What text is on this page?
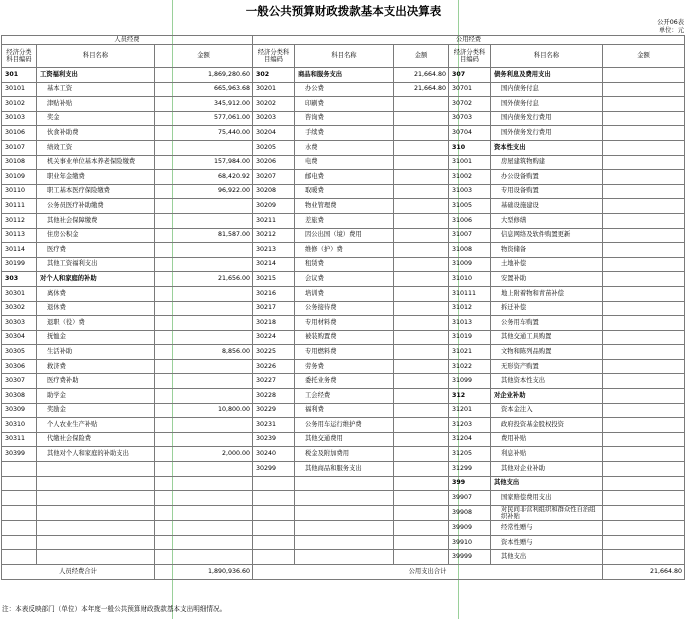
一般公共预算财政拨款基本支出决算表
公开06表
单位：元
人员经费			公用经费					
经济分类科目编码	科目名称	金额	经济分类科目编码	科目名称	金额	经济分类科目编码	科目名称	金额
301	工资福利支出	1,869,280.60	302	商品和服务支出	21,664.80	307	债务利息及费用支出	
30101	基本工资	665,963.68	30201	办公费	21,664.80	30701	国内债务付息	
30102	津贴补贴	345,912.00	30202	印刷费		30702	国外债务付息	
30103	奖金	577,061.00	30203	咨询费		30703	国内债务发行费用	
30106	伙食补助费	75,440.00	30204	手续费		30704	国外债务发行费用	
30107	绩效工资		30205	水费		310	资本性支出	
30108	机关事业单位基本养老保险缴费	157,984.00	30206	电费		31001	房屋建筑物购建	
30109	职业年金缴费	68,420.92	30207	邮电费		31002	办公设备购置	
30110	职工基本医疗保险缴费	96,922.00	30208	取暖费		31003	专用设备购置	
30111	公务员医疗补助缴费		30209	物业管理费		31005	基础设施建设	
30112	其他社会保障缴费		30211	差旅费		31006	大型修缮	
30113	住房公积金	81,587.00	30212	因公出国（境）费用		31007	信息网络及软件购置更新	
30114	医疗费		30213	维修（护）费		31008	物资储备	
30199	其他工资福利支出		30214	租赁费		31009	土地补偿	
303	对个人和家庭的补助	21,656.00	30215	会议费		31010	安置补助	
30301	离休费		30216	培训费		310111	地上附着物和青苗补偿	
30302	退休费		30217	公务接待费		31012	拆迁补偿	
30303	退职（役）费		30218	专用材料费		31013	公务用车购置	
30304	抚恤金		30224	被装购置费		31019	其他交通工具购置	
30305	生活补助	8,856.00	30225	专用燃料费		31021	文物和陈列品购置	
30306	救济费		30226	劳务费		31022	无形资产购置	
30307	医疗费补助		30227	委托业务费		31099	其他资本性支出	
30308	助学金		30228	工会经费		312	对企业补助	
30309	奖励金	10,800.00	30229	福利费		31201	资本金注入	
30310	个人农业生产补贴		30231	公务用车运行维护费		31203	政府投资基金股权投资	
30311	代缴社会保险费		30239	其他交通费用		31204	费用补贴	
30399	其他对个人和家庭的补助支出	2,000.00	30240	税金及附加费用		31205	利息补贴	
			30299	其他商品和服务支出		31299	其他对企业补助	
						399	其他支出	
						39907	国家赔偿费用支出	
						39908	对民间非营利组织和群众性自治组织补贴	
						39909	经常性赠与	
						39910	资本性赠与	
						39999	其他支出	
人员经费合计		1,890,936.60	公用支出合计					21,664.80
注：本表反映部门（单位）本年度一般公共预算财政拨款基本支出明细情况。
